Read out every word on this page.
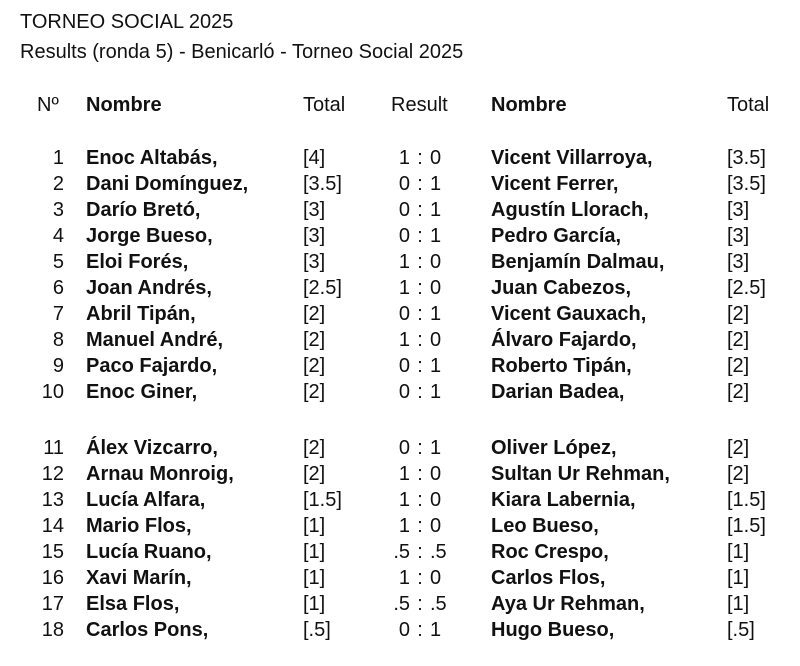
TORNEO SOCIAL 2025
Results (ronda 5) - Benicarló - Torneo Social 2025
Nº Nombre	Total Result Nombre	Total
1 Enoc Altabás,	[4]	1 : 0	Vicent Villarroya,	[3.5]
2 Dani Domínguez,	[3.5]	0 : 1	Vicent Ferrer,	[3.5]
3 Darío Bretó,	[3]	0 : 1	Agustín Llorach,	[3]
4 Jorge Bueso,	[3]	0 : 1	Pedro García,	[3]
5 Eloi Forés,	[3]	1 : 0	Benjamín Dalmau,	[3]
6 Joan Andrés,	[2.5]	1 : 0	Juan Cabezos,	[2.5]
7 Abril Tipán,	[2]	0 : 1	Vicent Gauxach,	[2]
8 Manuel André,	[2]	1 : 0	Álvaro Fajardo,	[2]
9 Paco Fajardo,	[2]	0 : 1	Roberto Tipán,	[2]
10 Enoc Giner,	[2]	0 : 1	Darian Badea,	[2]
11 Álex Vizcarro,	[2]	0 : 1	Oliver López,	[2]
12 Arnau Monroig,	[2]	1 : 0	Sultan Ur Rehman,	[2]
13 Lucía Alfara,	[1.5]	1 : 0	Kiara Labernia,	[1.5]
14 Mario Flos,	[1]	1 : 0	Leo Bueso,	[1.5]
15 Lucía Ruano,	[1]	.5 : .5	Roc Crespo,	[1]
16 Xavi Marín,	[1]	1 : 0	Carlos Flos,	[1]
17 Elsa Flos,	[1]	.5 : .5	Aya Ur Rehman,	[1]
18 Carlos Pons,	[.5]	0 : 1	Hugo Bueso,	[.5]
